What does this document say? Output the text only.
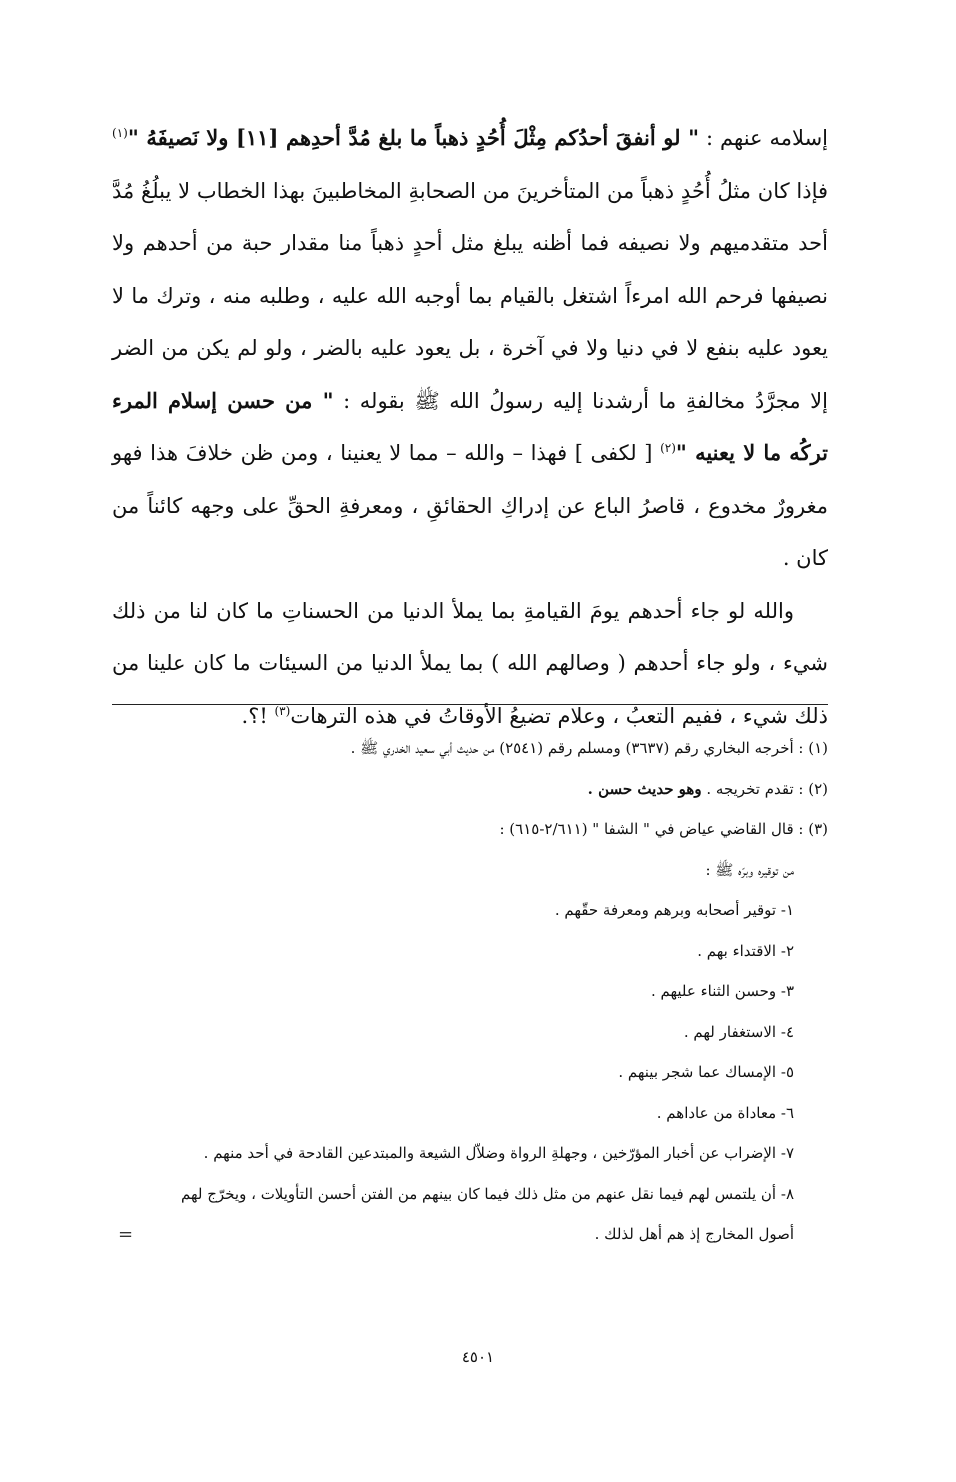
إسلامه عنهم : " لو أنفقَ أحدُكم مِثْلَ أُحُدٍ ذهباً ما بلغ مُدَّ أحدِهم [١١] ولا نَصيفَهُ "$^{(١)}$ فإذا كان مثلُ أُحُدٍ ذهباً من المتأخرينَ من الصحابةِ المخاطبينَ بهذا الخطاب لا يبلُغُ مُدَّ أحد متقدميهم ولا نصيفه فما أظنه يبلغ مثل أحدٍ ذهباً منا مقدار حبة من أحدهم ولا نصيفها فرحم الله امرءاً اشتغل بالقيام بما أوجبه الله عليه ، وطلبه منه ، وترك ما لا يعود عليه بنفع لا في دنيا ولا في آخرة ، بل يعود عليه بالضر ، ولو لم يكن من الضر إلا مجرَّدُ مخالفةِ ما أرشدنا إليه رسولُ الله ﷺ بقوله : " من حسن إسلام المرء تركُه ما لا يعنيه "$^{(٢)}$ [ لكفى ] فهذا – والله – مما لا يعنينا ، ومن ظن خلافَ هذا فهو مغرورٌ مخدوع ، قاصرُ الباع عن إدراكِ الحقائقِ ، ومعرفةِ الحقِّ على وجهه كائناً من كان .

والله لو جاء أحدهم يومَ القيامةِ بما يملأ الدنيا من الحسناتِ ما كان لنا من ذلك شيء ، ولو جاء أحدهم ( وصالهم الله ) بما يملأ الدنيا من السيئات ما كان علينا من ذلك شيء ، ففيم التعبُ ، وعلام تضيعُ الأوقاتُ في هذه الترهات$^{(٣)}$ !؟.

(١) : أخرجه البخاري رقم (٣٦٣٧) ومسلم رقم (٢٥٤١) من حديث أبي سعيد الخدري ﷺ .

(٢) : تقدم تخريجه . وهو حديث حسن .

(٣) : قال القاضي عياض في " الشفا " (٢/٦١١-٦١٥) :

من توقيره وبرّه ﷺ :

١- توقير أصحابه وبرهم ومعرفة حقّهم .

٢- الاقتداء بهم .

٣- وحسن الثناء عليهم .

٤- الاستغفار لهم .

٥- الإمساك عما شجر بينهم .

٦- معاداة من عاداهم .

٧- الإضراب عن أخبار المؤرّخين ، وجهلةِ الرواة وضلاّل الشيعة والمبتدعين القادحة في أحد منهم .

٨- أن يلتمس لهم فيما نقل عنهم من مثل ذلك فيما كان بينهم من الفتن أحسن التأويلات ، ويخرّج لهم

أصول المخارج إذ هم أهل لذلك .

=
٤٥٠١
